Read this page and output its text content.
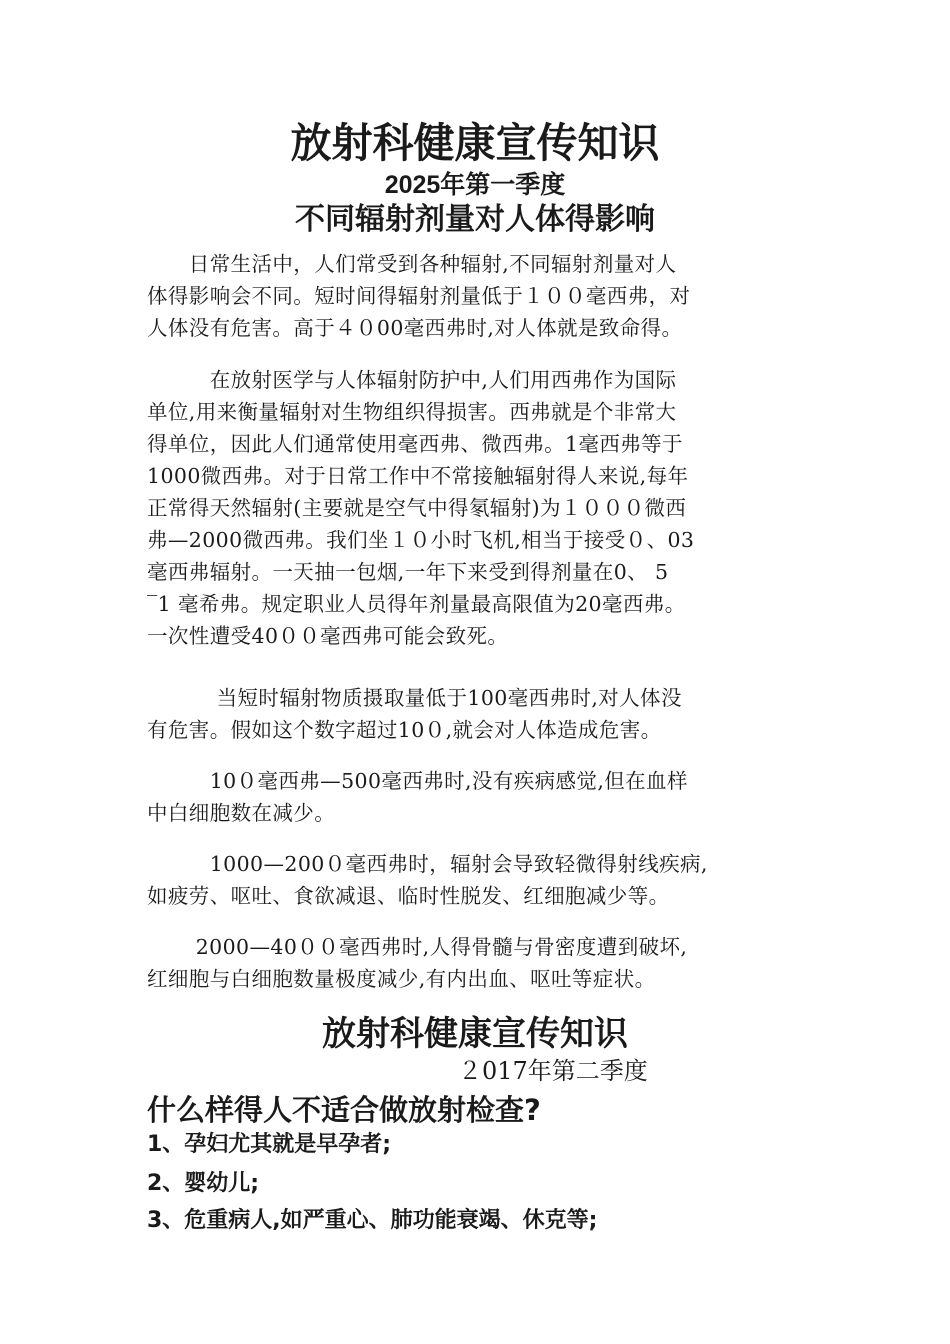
放射科健康宣传知识
2025年第一季度
不同辐射剂量对人体得影响

　　日常生活中，人们常受到各种辐射,不同辐射剂量对人
体得影响会不同。短时间得辐射剂量低于１００毫西弗，对
人体没有危害。高于４０00毫西弗时,对人体就是致命得。

　　　在放射医学与人体辐射防护中,人们用西弗作为国际
单位,用来衡量辐射对生物组织得损害。西弗就是个非常大
得单位，因此人们通常使用毫西弗、微西弗。1毫西弗等于
1000微西弗。对于日常工作中不常接触辐射得人来说,每年
正常得天然辐射(主要就是空气中得氡辐射)为１０００微西
弗—2000微西弗。我们坐１０小时飞机,相当于接受０、03
毫西弗辐射。一天抽一包烟,一年下来受到得剂量在0、 5
‾1 毫希弗。规定职业人员得年剂量最高限值为20毫西弗。
一次性遭受40００毫西弗可能会致死。

　　　 当短时辐射物质摄取量低于100毫西弗时,对人体没
有危害。假如这个数字超过10０,就会对人体造成危害。

　　　10０毫西弗—500毫西弗时,没有疾病感觉,但在血样
中白细胞数在减少。

　　　1000—200０毫西弗时，辐射会导致轻微得射线疾病,
如疲劳、呕吐、食欲减退、临时性脱发、红细胞减少等。

　　 2000—40００毫西弗时,人得骨髓与骨密度遭到破坏,
红细胞与白细胞数量极度减少,有内出血、呕吐等症状。

放射科健康宣传知识
２017年第二季度
什么样得人不适合做放射检查?
1、孕妇尤其就是早孕者;
2、婴幼儿;
3、危重病人,如严重心、肺功能衰竭、休克等;
